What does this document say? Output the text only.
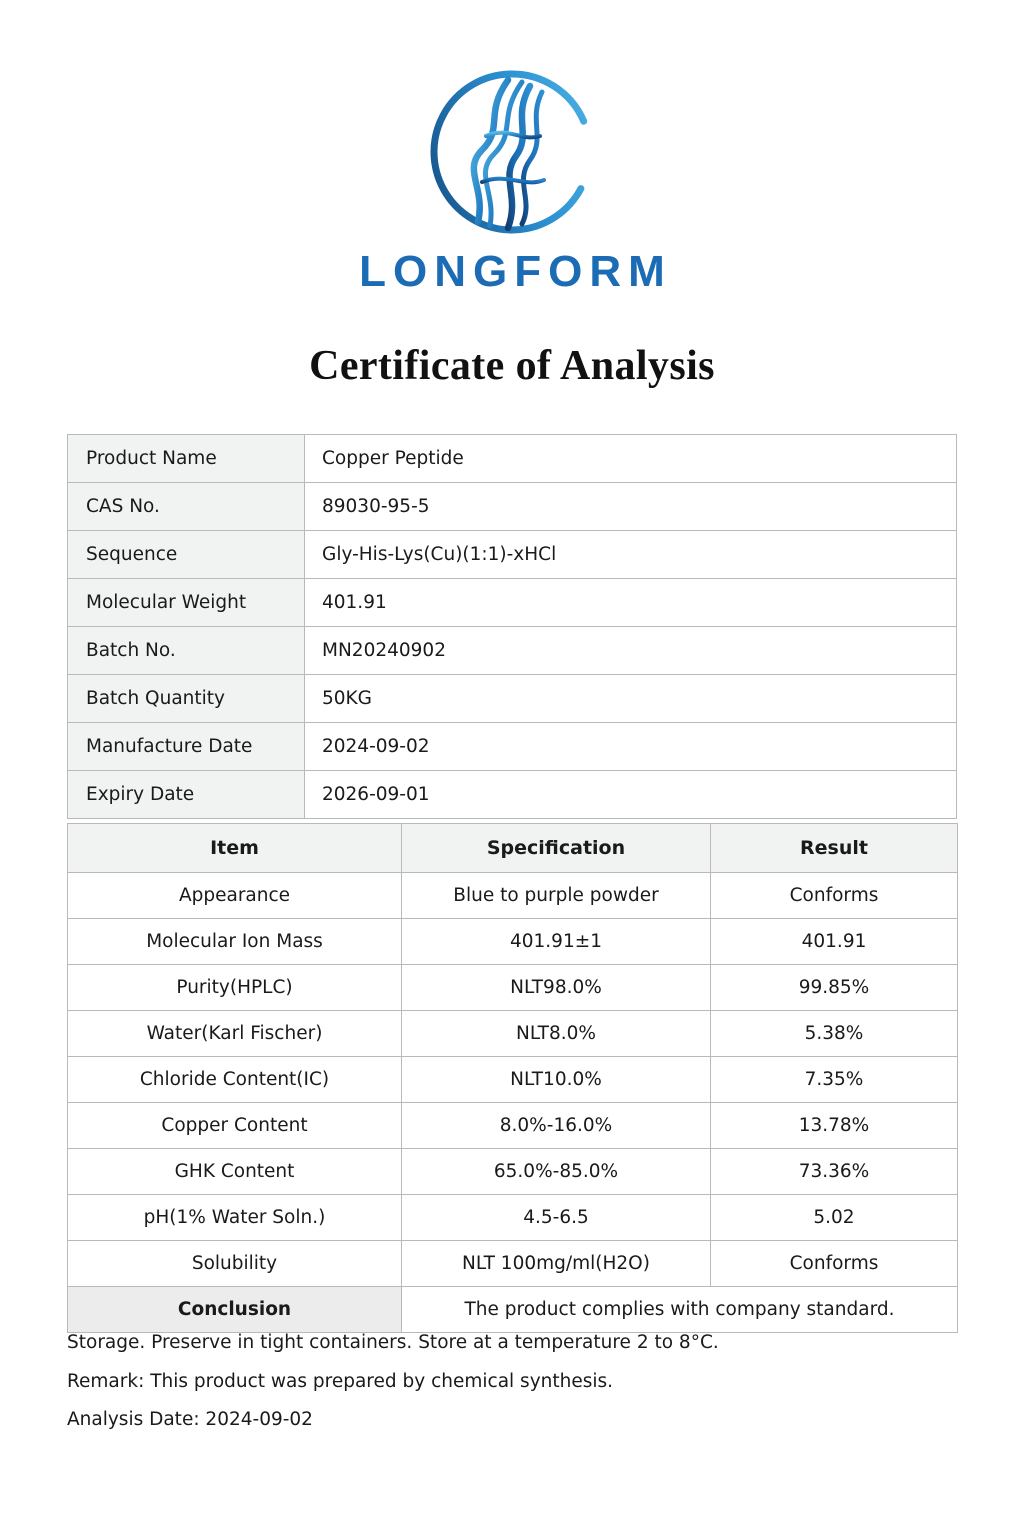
LONGFORM
Certificate of Analysis
Product Name	Copper Peptide
CAS No.	89030-95-5
Sequence	Gly-His-Lys(Cu)(1:1)-xHCl
Molecular Weight	401.91
Batch No.	MN20240902
Batch Quantity	50KG
Manufacture Date	2024-09-02
Expiry Date	2026-09-01
Item	Specification	Result
Appearance	Blue to purple powder	Conforms
Molecular Ion Mass	401.91±1	401.91
Purity(HPLC)	NLT98.0%	99.85%
Water(Karl Fischer)	NLT8.0%	5.38%
Chloride Content(IC)	NLT10.0%	7.35%
Copper Content	8.0%-16.0%	13.78%
GHK Content	65.0%-85.0%	73.36%
pH(1% Water Soln.)	4.5-6.5	5.02
Solubility	NLT 100mg/ml(H2O)	Conforms
Conclusion	The product complies with company standard.	
Storage. Preserve in tight containers. Store at a temperature 2 to 8°C.
Remark: This product was prepared by chemical synthesis.
Analysis Date: 2024-09-02
